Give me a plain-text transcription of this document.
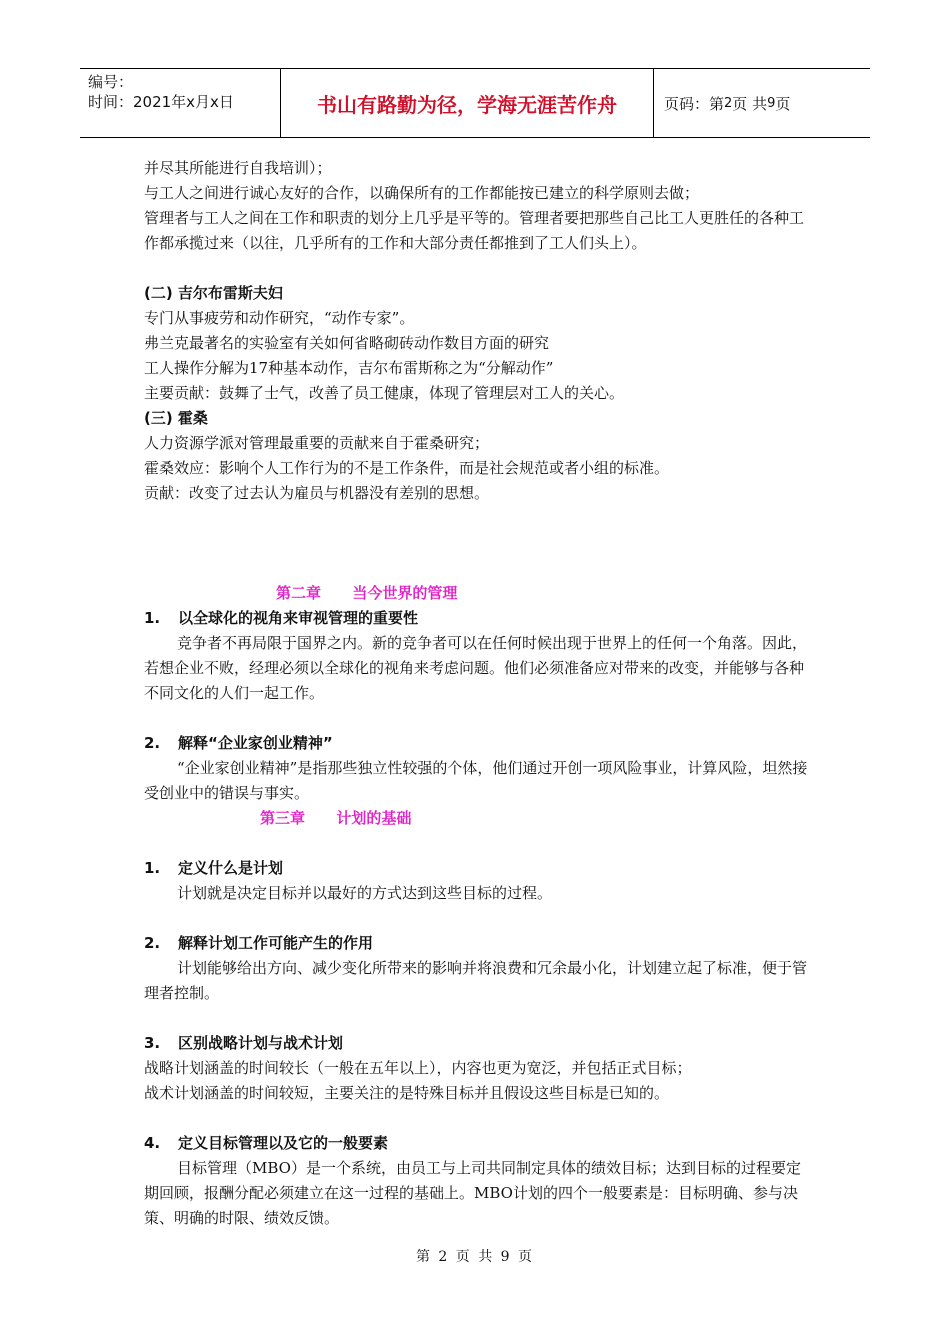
编号：
时间：2021年x月x日	书山有路勤为径，学海无涯苦作舟	页码：第 2 页 共 9 页
并尽其所能进行自我培训）；
与工人之间进行诚心友好的合作，以确保所有的工作都能按已建立的科学原则去做；
管理者与工人之间在工作和职责的划分上几乎是平等的。管理者要把那些自己比工人更胜任的各种工作都承揽过来（以往，几乎所有的工作和大部分责任都推到了工人们头上）。
(二) 吉尔布雷斯夫妇
专门从事疲劳和动作研究，“动作专家”。
弗兰克最著名的实验室有关如何省略砌砖动作数目方面的研究
工人操作分解为17种基本动作，吉尔布雷斯称之为“分解动作”
主要贡献：鼓舞了士气，改善了员工健康，体现了管理层对工人的关心。
(三) 霍桑
人力资源学派对管理最重要的贡献来自于霍桑研究；
霍桑效应：影响个人工作行为的不是工作条件，而是社会规范或者小组的标准。
贡献：改变了过去认为雇员与机器没有差别的思想。
第二章      当今世界的管理
1.	以全球化的视角来审视管理的重要性
竞争者不再局限于国界之内。新的竞争者可以在任何时候出现于世界上的任何一个角落。因此，若想企业不败，经理必须以全球化的视角来考虑问题。他们必须准备应对带来的改变，并能够与各种不同文化的人们一起工作。
2.	解释“企业家创业精神”
“企业家创业精神”是指那些独立性较强的个体，他们通过开创一项风险事业，计算风险，坦然接受创业中的错误与事实。
第三章      计划的基础
1.	定义什么是计划
计划就是决定目标并以最好的方式达到这些目标的过程。
2.	解释计划工作可能产生的作用
计划能够给出方向、减少变化所带来的影响并将浪费和冗余最小化，计划建立起了标准，便于管理者控制。
3.	区别战略计划与战术计划
战略计划涵盖的时间较长（一般在五年以上），内容也更为宽泛，并包括正式目标；
战术计划涵盖的时间较短，主要关注的是特殊目标并且假设这些目标是已知的。
4.	定义目标管理以及它的一般要素
目标管理（MBO）是一个系统，由员工与上司共同制定具体的绩效目标；达到目标的过程要定期回顾，报酬分配必须建立在这一过程的基础上。MBO计划的四个一般要素是：目标明确、参与决策、明确的时限、绩效反馈。
第 2 页 共 9 页
